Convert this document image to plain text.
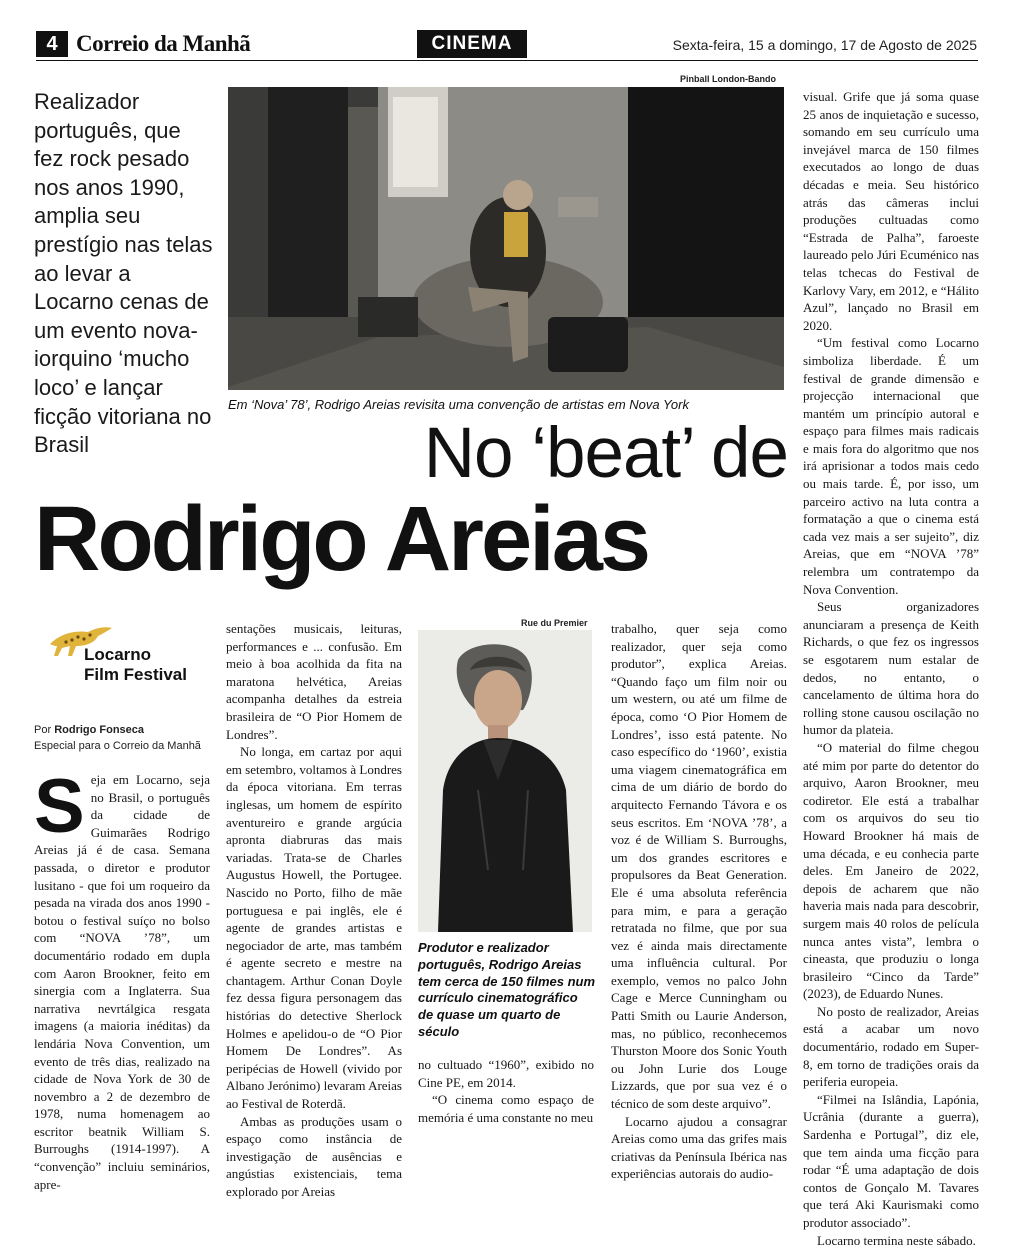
4 Correio da Manhã	CINEMA	Sexta-feira, 15 a domingo, 17 de Agosto de 2025
Realizador português, que fez rock pesado nos anos 1990, amplia seu prestígio nas telas ao levar a Locarno cenas de um evento nova-iorquino ‘mucho loco’ e lançar ficção vitoriana no Brasil
Pinball London-Bando
Em ‘Nova’ 78’, Rodrigo Areias revisita uma convenção de artistas em Nova York
No ‘beat’ de
Rodrigo Areias
Locarno
Film Festival
Por Rodrigo Fonseca
Especial para o Correio da Manhã

Seja em Locarno, seja no Brasil, o português da cidade de Guimarães Rodrigo Areias já é de casa. Semana passada, o diretor e produtor lusitano - que foi um roqueiro da pesada na virada dos anos 1990 - botou o festival suíço no bolso com “NOVA ’78”, um documentário rodado em dupla com Aaron Brookner, feito em sinergia com a Inglaterra. Sua narrativa nevrtálgica resgata imagens (a maioria inéditas) da lendária Nova Convention, um evento de três dias, realizado na cidade de Nova York de 30 de novembro a 2 de dezembro de 1978, numa homenagem ao escritor beatnik William S. Burroughs (1914-1997). A “convenção” incluiu seminários, apre-

sentações musicais, leituras, performances e ... confusão. Em meio à boa acolhida da fita na maratona helvética, Areias acompanha detalhes da estreia brasileira de “O Pior Homem de Londres”.

No longa, em cartaz por aqui em setembro, voltamos à Londres da época vitoriana. Em terras inglesas, um homem de espírito aventureiro e grande argúcia apronta diabruras das mais variadas. Trata-se de Charles Augustus Howell, the Portugee. Nascido no Porto, filho de mãe portuguesa e pai inglês, ele é agente de grandes artistas e negociador de arte, mas também é agente secreto e mestre na chantagem. Arthur Conan Doyle fez dessa figura personagem das histórias do detective Sherlock Holmes e apelidou-o de “O Pior Homem De Londres”. As peripécias de Howell (vivido por Albano Jerónimo) levaram Areias ao Festival de Roterdã.

Ambas as produções usam o espaço como instância de investigação de ausências e angústias existenciais, tema explorado por Areias

Rue du Premier
Produtor e realizador português, Rodrigo Areias tem cerca de 150 filmes num currículo cinematográfico de quase um quarto de século

no cultuado “1960”, exibido no Cine PE, em 2014.

“O cinema como espaço de memória é uma constante no meu

trabalho, quer seja como realizador, quer seja como produtor”, explica Areias. “Quando faço um film noir ou um western, ou até um filme de época, como ‘O Pior Homem de Londres’, isso está patente. No caso específico do ‘1960’, existia uma viagem cinematográfica em cima de um diário de bordo do arquitecto Fernando Távora e os seus escritos. Em ‘NOVA ’78’, a voz é de William S. Burroughs, um dos grandes escritores e propulsores da Beat Generation. Ele é uma absoluta referência para mim, e para a geração retratada no filme, que por sua vez é ainda mais directamente uma influência cultural. Por exemplo, vemos no palco John Cage e Merce Cunningham ou Patti Smith ou Laurie Anderson, mas, no público, reconhecemos Thurston Moore dos Sonic Youth ou John Lurie dos Louge Lizzards, que por sua vez é o técnico de som deste arquivo”.

Locarno ajudou a consagrar Areias como uma das grifes mais criativas da Península Ibérica nas experiências autorais do audio-

visual. Grife que já soma quase 25 anos de inquietação e sucesso, somando em seu currículo uma invejável marca de 150 filmes executados ao longo de duas décadas e meia. Seu histórico atrás das câmeras inclui produções cultuadas como “Estrada de Palha”, faroeste laureado pelo Júri Ecuménico nas telas tchecas do Festival de Karlovy Vary, em 2012, e “Hálito Azul”, lançado no Brasil em 2020.

“Um festival como Locarno simboliza liberdade. É um festival de grande dimensão e projecção internacional que mantém um princípio autoral e espaço para filmes mais radicais e mais fora do algoritmo que nos irá aprisionar a todos mais cedo ou mais tarde. É, por isso, um parceiro activo na luta contra a formatação a que o cinema está cada vez mais a ser sujeito”, diz Areias, que em “NOVA ’78” relembra um contratempo da Nova Convention.

Seus organizadores anunciaram a presença de Keith Richards, o que fez os ingressos se esgotarem num estalar de dedos, no entanto, o cancelamento de última hora do rolling stone causou oscilação no humor da plateia.

“O material do filme chegou até mim por parte do detentor do arquivo, Aaron Brookner, meu codiretor. Ele está a trabalhar com os arquivos do seu tio Howard Brookner há mais de uma década, e eu conhecia parte deles. Em Janeiro de 2022, depois de acharem que não haveria mais nada para descobrir, surgem mais 40 rolos de película nunca antes vista”, lembra o cineasta, que produziu o longa brasileiro “Cinco da Tarde” (2023), de Eduardo Nunes.

No posto de realizador, Areias está a acabar um novo documentário, rodado em Super-8, em torno de tradições orais da periferia europeia.

“Filmei na Islândia, Lapónia, Ucrânia (durante a guerra), Sardenha e Portugal”, diz ele, que tem ainda uma ficção para rodar “É uma adaptação de dois contos de Gonçalo M. Tavares que terá Aki Kaurismaki como produtor associado”.

Locarno termina neste sábado.
